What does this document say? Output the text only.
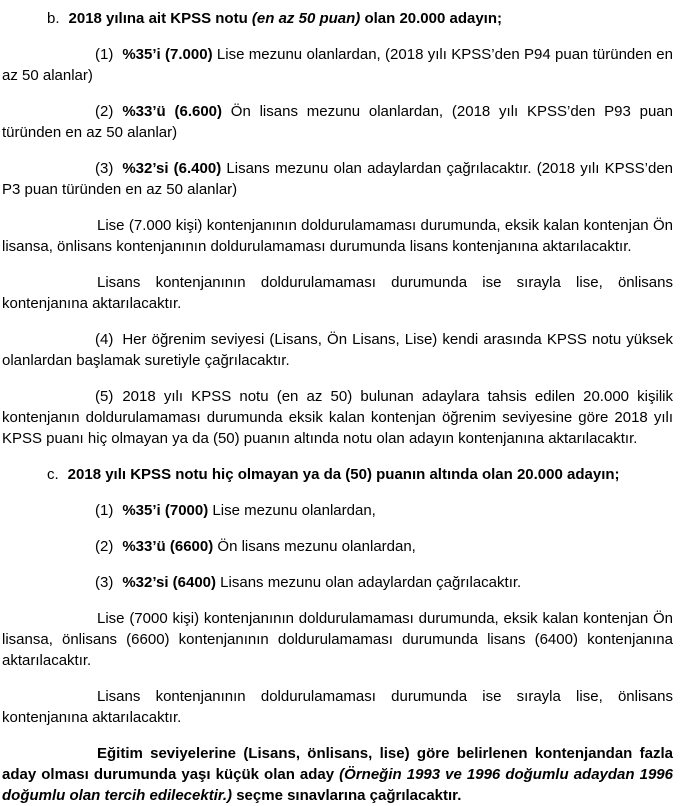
b. 2018 yılına ait KPSS notu (en az 50 puan) olan 20.000 adayın;

(1) %35’i (7.000) Lise mezunu olanlardan, (2018 yılı KPSS’den P94 puan türünden en az 50 alanlar)

(2) %33’ü (6.600) Ön lisans mezunu olanlardan, (2018 yılı KPSS’den P93 puan türünden en az 50 alanlar)

(3) %32’si (6.400) Lisans mezunu olan adaylardan çağrılacaktır. (2018 yılı KPSS’den P3 puan türünden en az 50 alanlar)

Lise (7.000 kişi) kontenjanının doldurulamaması durumunda, eksik kalan kontenjan Ön lisansa, önlisans kontenjanının doldurulamaması durumunda lisans kontenjanına aktarılacaktır.

Lisans kontenjanının doldurulamaması durumunda ise sırayla lise, önlisans kontenjanına aktarılacaktır.

(4) Her öğrenim seviyesi (Lisans, Ön Lisans, Lise) kendi arasında KPSS notu yüksek olanlardan başlamak suretiyle çağrılacaktır.

(5) 2018 yılı KPSS notu (en az 50) bulunan adaylara tahsis edilen 20.000 kişilik kontenjanın doldurulamaması durumunda eksik kalan kontenjan öğrenim seviyesine göre 2018 yılı KPSS puanı hiç olmayan ya da (50) puanın altında notu olan adayın kontenjanına aktarılacaktır.

c. 2018 yılı KPSS notu hiç olmayan ya da (50) puanın altında olan 20.000 adayın;

(1) %35’i (7000) Lise mezunu olanlardan,

(2) %33’ü (6600) Ön lisans mezunu olanlardan,

(3) %32’si (6400) Lisans mezunu olan adaylardan çağrılacaktır.

Lise (7000 kişi) kontenjanının doldurulamaması durumunda, eksik kalan kontenjan Ön lisansa, önlisans (6600) kontenjanının doldurulamaması durumunda lisans (6400) kontenjanına aktarılacaktır.

Lisans kontenjanının doldurulamaması durumunda ise sırayla lise, önlisans kontenjanına aktarılacaktır.

Eğitim seviyelerine (Lisans, önlisans, lise) göre belirlenen kontenjandan fazla aday olması durumunda yaşı küçük olan aday (Örneğin 1993 ve 1996 doğumlu adaydan 1996 doğumlu olan tercih edilecektir.) seçme sınavlarına çağrılacaktır.
